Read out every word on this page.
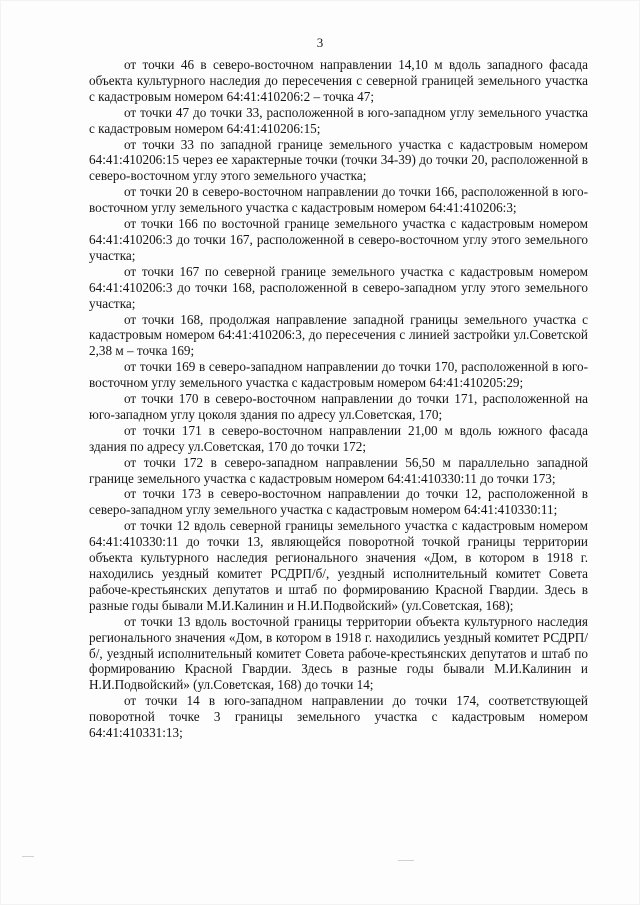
3

от точки 46 в северо-восточном направлении 14,10 м вдоль западного фасада объекта культурного наследия до пересечения с северной границей земельного участка с кадастровым номером 64:41:410206:2 – точка 47;

от точки 47 до точки 33, расположенной в юго-западном углу земельного участка с кадастровым номером 64:41:410206:15;

от точки 33 по западной границе земельного участка с кадастровым номером 64:41:410206:15 через ее характерные точки (точки 34-39) до точки 20, расположенной в северо-восточном углу этого земельного участка;

от точки 20 в северо-восточном направлении до точки 166, расположенной в юго-восточном углу земельного участка с кадастровым номером 64:41:410206:3;

от точки 166 по восточной границе земельного участка с кадастровым номером 64:41:410206:3 до точки 167, расположенной в северо-восточном углу этого земельного участка;

от точки 167 по северной границе земельного участка с кадастровым номером 64:41:410206:3 до точки 168, расположенной в северо-западном углу этого земельного участка;

от точки 168, продолжая направление западной границы земельного участка с кадастровым номером 64:41:410206:3, до пересечения с линией застройки ул.Советской 2,38 м – точка 169;

от точки 169 в северо-западном направлении до точки 170, расположенной в юго-восточном углу земельного участка с кадастровым номером 64:41:410205:29;

от точки 170 в северо-восточном направлении до точки 171, расположенной на юго-западном углу цоколя здания по адресу ул.Советская, 170;

от точки 171 в северо-восточном направлении 21,00 м вдоль южного фасада здания по адресу ул.Советская, 170 до точки 172;

от точки 172 в северо-западном направлении 56,50 м параллельно западной границе земельного участка с кадастровым номером 64:41:410330:11 до точки 173;

от точки 173 в северо-восточном направлении до точки 12, расположенной в северо-западном углу земельного участка с кадастровым номером 64:41:410330:11;

от точки 12 вдоль северной границы земельного участка с кадастровым номером 64:41:410330:11 до точки 13, являющейся поворотной точкой границы территории объекта культурного наследия регионального значения «Дом, в котором в 1918 г. находились уездный комитет РСДРП/б/, уездный исполнительный комитет Совета рабоче-крестьянских депутатов и штаб по формированию Красной Гвардии. Здесь в разные годы бывали М.И.Калинин и Н.И.Подвойский» (ул.Советская, 168);

от точки 13 вдоль восточной границы территории объекта культурного наследия регионального значения «Дом, в котором в 1918 г. находились уездный комитет РСДРП/б/, уездный исполнительный комитет Совета рабоче-крестьянских депутатов и штаб по формированию Красной Гвардии. Здесь в разные годы бывали М.И.Калинин и Н.И.Подвойский» (ул.Советская, 168) до точки 14;

от точки 14 в юго-западном направлении до точки 174, соответствующей поворотной точке 3 границы земельного участка с кадастровым номером 64:41:410331:13;
